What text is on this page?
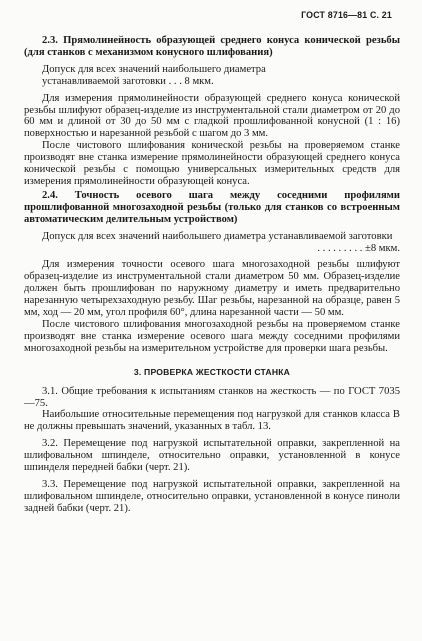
ГОСТ 8716—81 С. 21

2.3. Прямолинейность образующей среднего конуса конической резьбы (для станков с механизмом конусного шлифования)

Допуск для всех значений наибольшего диаметра

устанавливаемой заготовки . . . 8 мкм.

Для измерения прямолинейности образующей среднего конуса конической резьбы шлифуют образец-изделие из инструментальной стали диаметром от 20 до 60 мм и длиной от 30 до 50 мм с гладкой прошлифованной конусной (1 : 16) поверхностью и нарезанной резьбой с шагом до 3 мм.

После чистового шлифования конической резьбы на проверяемом станке производят вне станка измерение прямолинейности образующей среднего конуса конической резьбы с помощью универсальных измерительных средств для измерения прямолинейности образующей конуса.

2.4. Точность осевого шага между соседними профилями прошлифованной многозаходной резьбы (только для станков со встроенным автоматическим делительным устройством)

Допуск для всех значений наибольшего диаметра устанавливаемой заготовки

. . . . . . . . . ±8 мкм.

Для измерения точности осевого шага многозаходной резьбы шлифуют образец-изделие из инструментальной стали диаметром 50 мм. Образец-изделие должен быть прошлифован по наружному диаметру и иметь предварительно нарезанную четырехзаходную резьбу. Шаг резьбы, нарезанной на образце, равен 5 мм, ход — 20 мм, угол профиля 60°, длина нарезанной части — 50 мм.

После чистового шлифования многозаходной резьбы на проверяемом станке производят вне станка измерение осевого шага между соседними профилями многозаходной резьбы на измерительном устройстве для проверки шага резьбы.

3. ПРОВЕРКА ЖЕСТКОСТИ СТАНКА

3.1. Общие требования к испытаниям станков на жесткость — по ГОСТ 7035—75.

Наибольшие относительные перемещения под нагрузкой для станков класса В не должны превышать значений, указанных в табл. 13.

3.2. Перемещение под нагрузкой испытательной оправки, закрепленной на шлифовальном шпинделе, относительно оправки, установленной в конусе шпинделя передней бабки (черт. 21).

3.3. Перемещение под нагрузкой испытательной оправки, закрепленной на шлифовальном шпинделе, относительно оправки, установленной в конусе пиноли задней бабки (черт. 21).
